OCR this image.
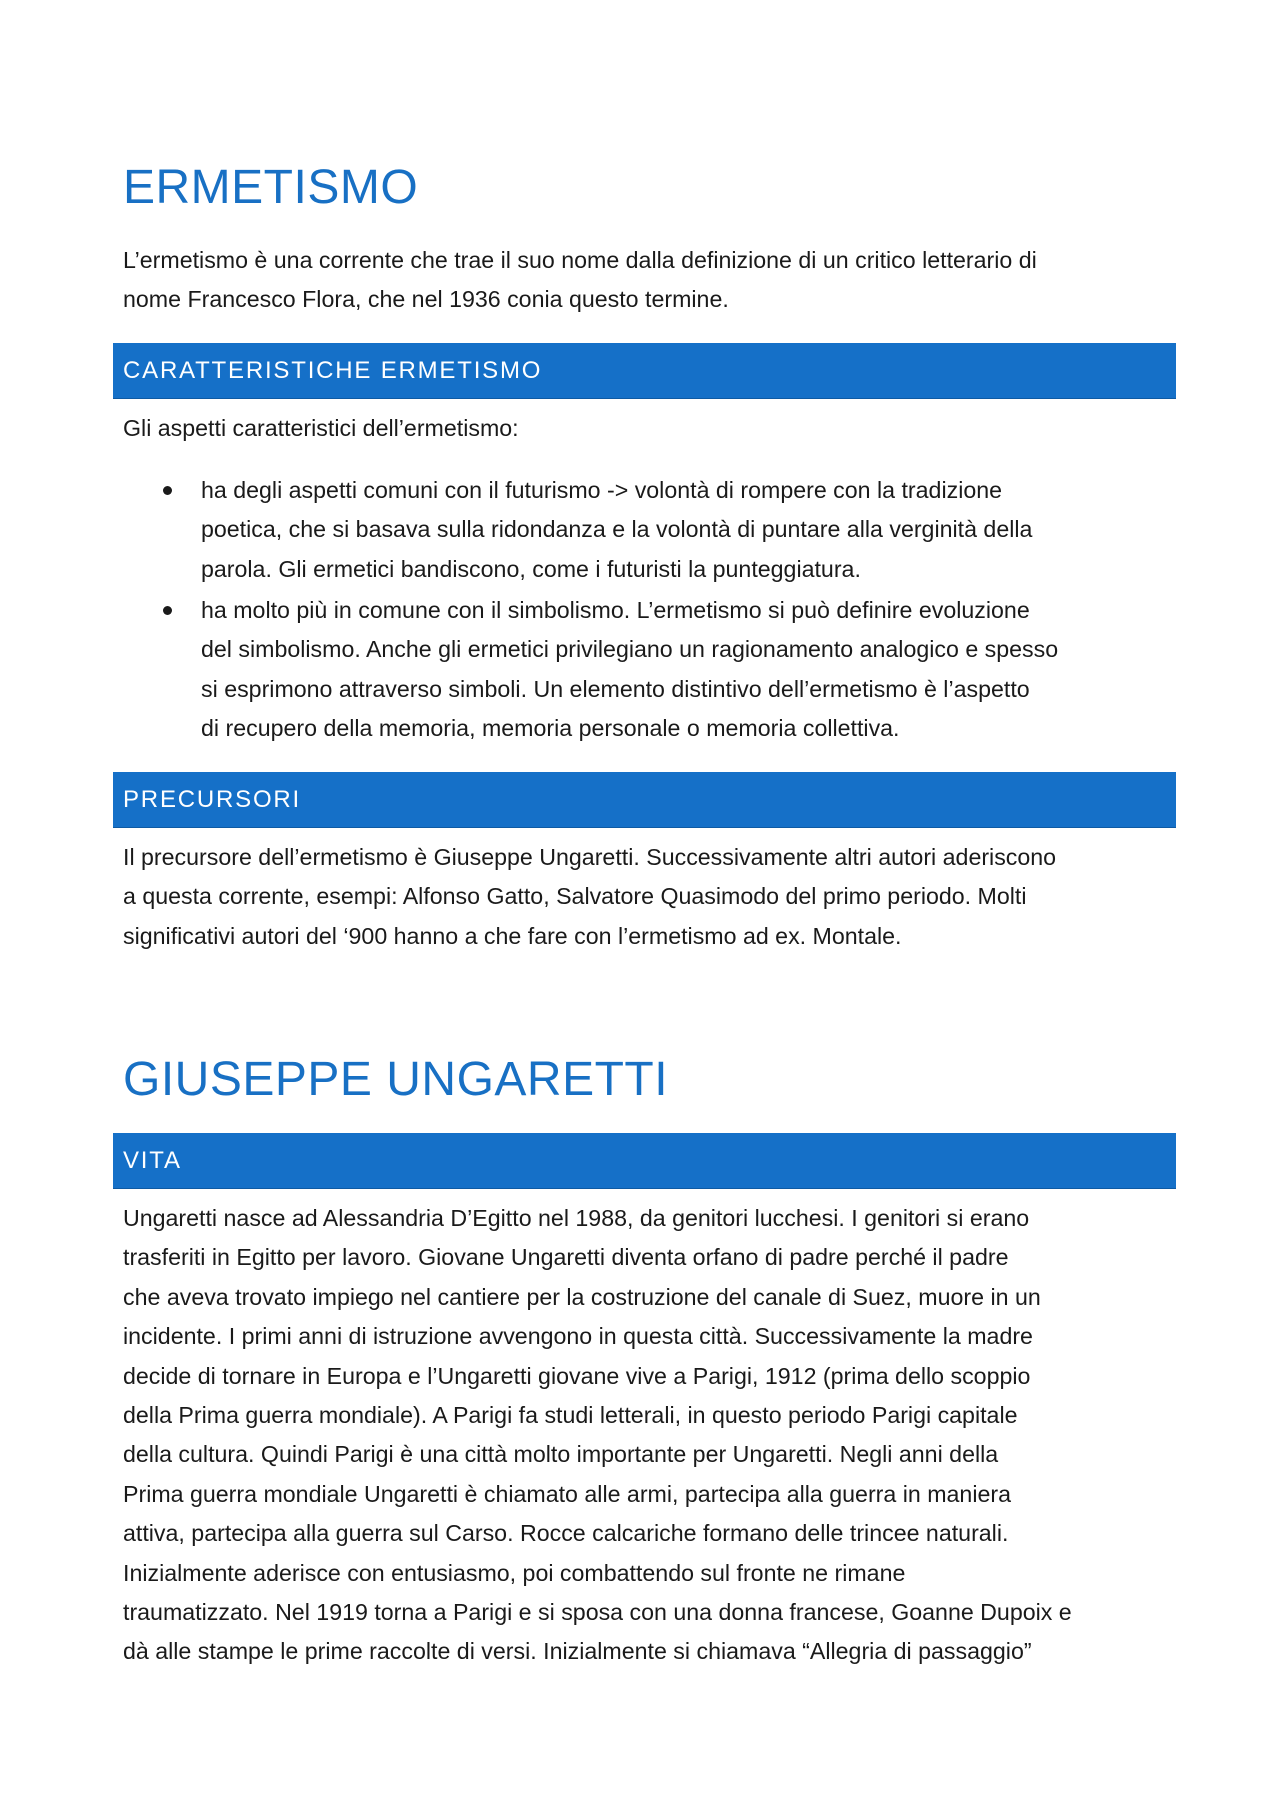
ERMETISMO
L’ermetismo è una corrente che trae il suo nome dalla definizione di un critico letterario di
nome Francesco Flora, che nel 1936 conia questo termine.
CARATTERISTICHE ERMETISMO
Gli aspetti caratteristici dell’ermetismo:
ha degli aspetti comuni con il futurismo -> volontà di rompere con la tradizione
poetica, che si basava sulla ridondanza e la volontà di puntare alla verginità della
parola. Gli ermetici bandiscono, come i futuristi la punteggiatura.
ha molto più in comune con il simbolismo. L’ermetismo si può definire evoluzione
del simbolismo. Anche gli ermetici privilegiano un ragionamento analogico e spesso
si esprimono attraverso simboli. Un elemento distintivo dell’ermetismo è l’aspetto
di recupero della memoria, memoria personale o memoria collettiva.
PRECURSORI
Il precursore dell’ermetismo è Giuseppe Ungaretti. Successivamente altri autori aderiscono
a questa corrente, esempi: Alfonso Gatto, Salvatore Quasimodo del primo periodo. Molti
significativi autori del ‘900 hanno a che fare con l’ermetismo ad ex. Montale.
GIUSEPPE UNGARETTI
VITA
Ungaretti nasce ad Alessandria D’Egitto nel 1988, da genitori lucchesi. I genitori si erano
trasferiti in Egitto per lavoro. Giovane Ungaretti diventa orfano di padre perché il padre
che aveva trovato impiego nel cantiere per la costruzione del canale di Suez, muore in un
incidente. I primi anni di istruzione avvengono in questa città. Successivamente la madre
decide di tornare in Europa e l’Ungaretti giovane vive a Parigi, 1912 (prima dello scoppio
della Prima guerra mondiale). A Parigi fa studi letterali, in questo periodo Parigi capitale
della cultura. Quindi Parigi è una città molto importante per Ungaretti. Negli anni della
Prima guerra mondiale Ungaretti è chiamato alle armi, partecipa alla guerra in maniera
attiva, partecipa alla guerra sul Carso. Rocce calcariche formano delle trincee naturali.
Inizialmente aderisce con entusiasmo, poi combattendo sul fronte ne rimane
traumatizzato. Nel 1919 torna a Parigi e si sposa con una donna francese, Goanne Dupoix e
dà alle stampe le prime raccolte di versi. Inizialmente si chiamava “Allegria di passaggio”
